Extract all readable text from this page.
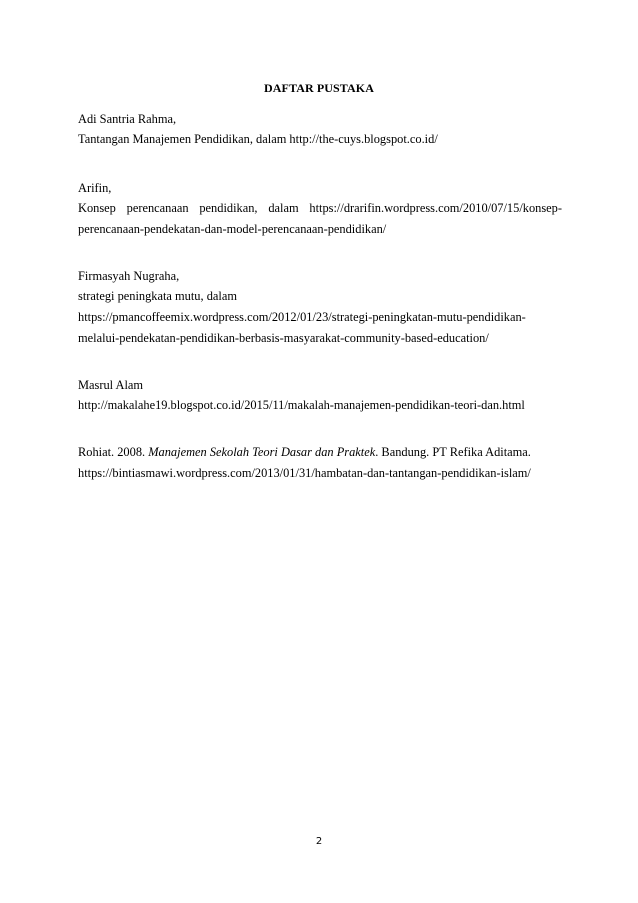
DAFTAR PUSTAKA
Adi Santria Rahma,
Tantangan Manajemen Pendidikan, dalam http://the-cuys.blogspot.co.id/
Arifin,
Konsep perencanaan pendidikan, dalam https://drarifin.wordpress.com/2010/07/15/konsep-
perencanaan-pendekatan-dan-model-perencanaan-pendidikan/
Firmasyah Nugraha,
strategi peningkata mutu, dalam
https://pmancoffeemix.wordpress.com/2012/01/23/strategi-peningkatan-mutu-pendidikan-
melalui-pendekatan-pendidikan-berbasis-masyarakat-community-based-education/
Masrul Alam
http://makalahe19.blogspot.co.id/2015/11/makalah-manajemen-pendidikan-teori-dan.html
Rohiat. 2008. Manajemen Sekolah Teori Dasar dan Praktek. Bandung. PT Refika Aditama.
https://bintiasmawi.wordpress.com/2013/01/31/hambatan-dan-tantangan-pendidikan-islam/
2
